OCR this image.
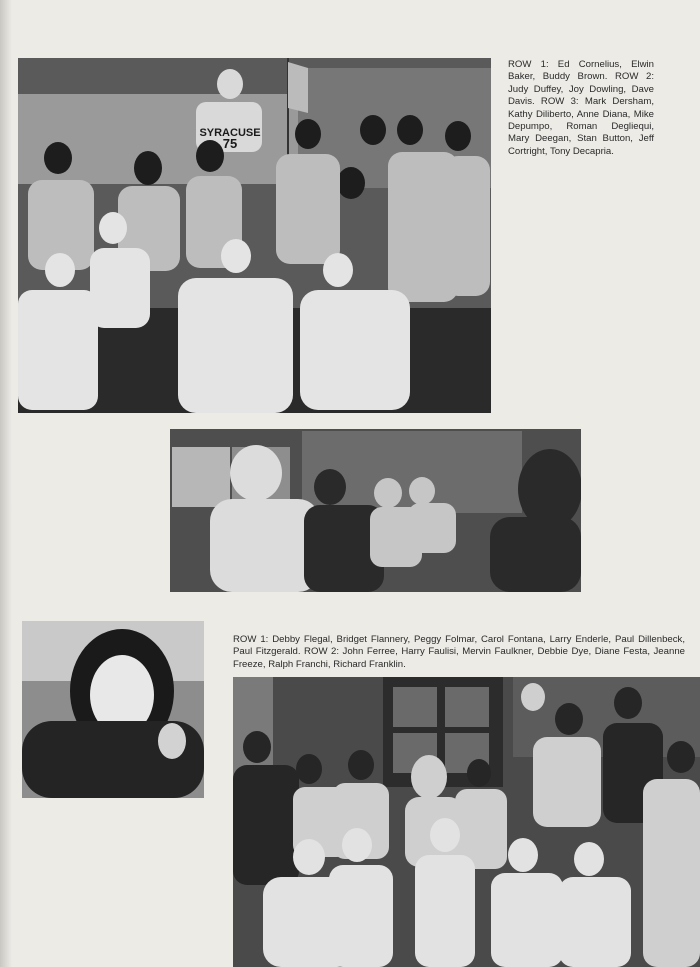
SYRACUSE
75

ROW 1: Ed Cornelius, Elwin Baker, Buddy Brown. ROW 2: Judy Duffey, Joy Dowling, Dave Davis. ROW 3: Mark Dersham, Kathy Diliberto, Anne Diana, Mike Depumpo, Roman Degliequi, Mary Deegan, Stan Button, Jeff Cortright, Tony Decapria.

ROW 1: Debby Flegal, Bridget Flannery, Peggy Folmar, Carol Fontana, Larry Enderle, Paul Dillenbeck, Paul Fitzgerald. ROW 2: John Ferree, Harry Faulisi, Mervin Faulkner, Debbie Dye, Diane Festa, Jeanne Freeze, Ralph Franchi, Richard Franklin.
